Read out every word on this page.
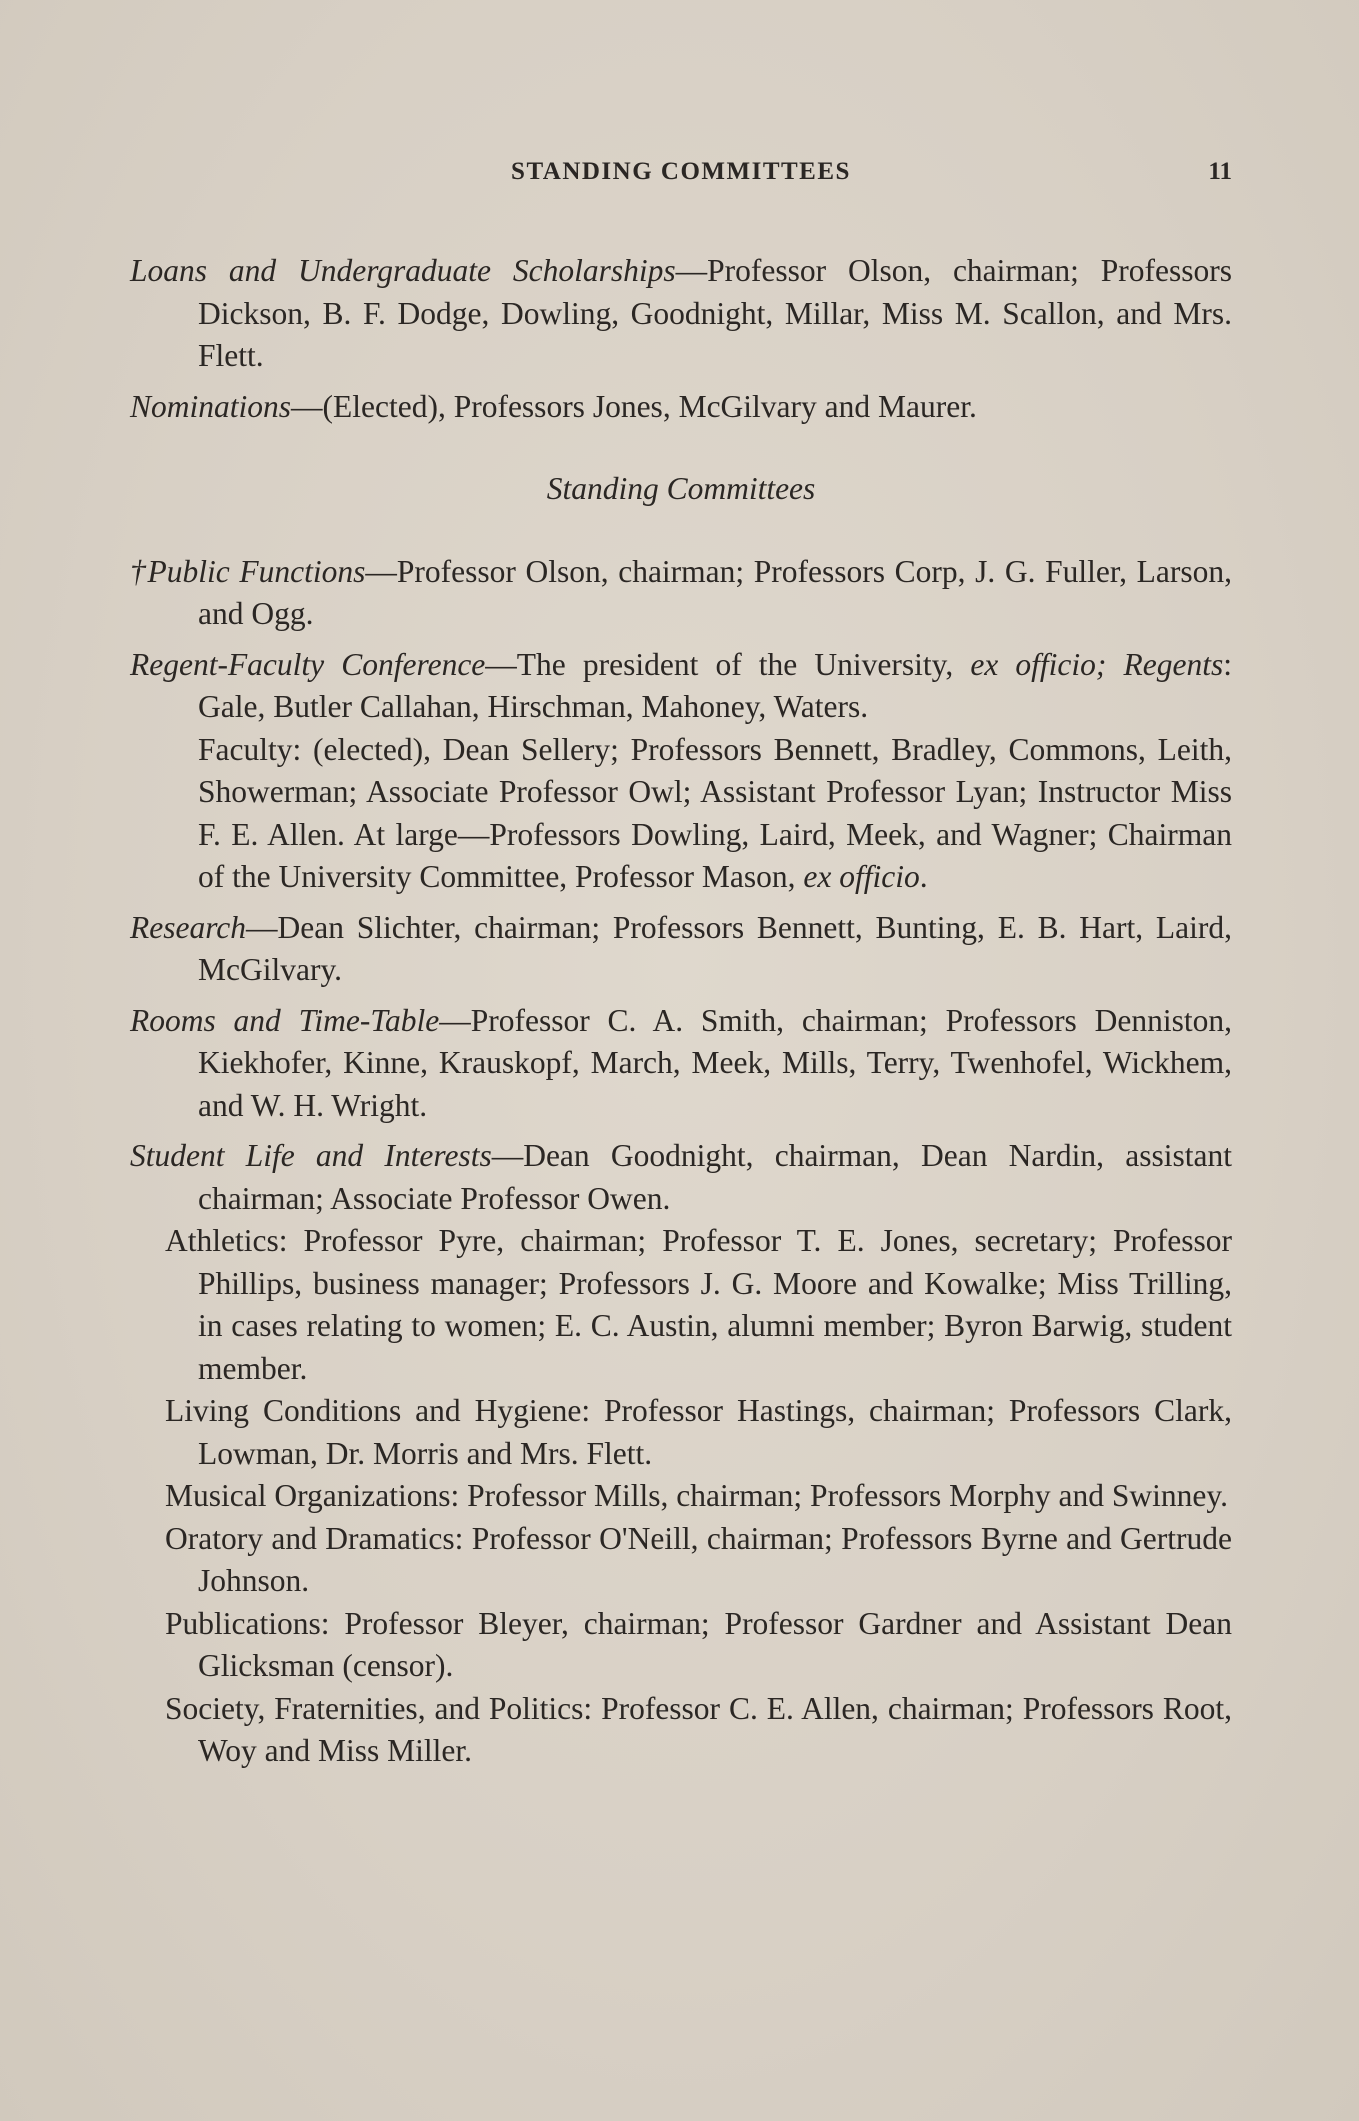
STANDING COMMITTEES	11

Loans and Undergraduate Scholarships—Professor Olson, chairman; Professors Dickson, B. F. Dodge, Dowling, Goodnight, Millar, Miss M. Scallon, and Mrs. Flett.

Nominations—(Elected), Professors Jones, McGilvary and Maurer.

Standing Committees

†Public Functions—Professor Olson, chairman; Professors Corp, J. G. Fuller, Larson, and Ogg.

Regent-Faculty Conference—The president of the University, ex officio; Regents: Gale, Butler Callahan, Hirschman, Mahoney, Waters.

Faculty: (elected), Dean Sellery; Professors Bennett, Bradley, Commons, Leith, Showerman; Associate Professor Owl; Assistant Professor Lyan; Instructor Miss F. E. Allen. At large—Professors Dowling, Laird, Meek, and Wagner; Chairman of the University Committee, Professor Mason, ex officio.

Research—Dean Slichter, chairman; Professors Bennett, Bunting, E. B. Hart, Laird, McGilvary.

Rooms and Time-Table—Professor C. A. Smith, chairman; Professors Denniston, Kiekhofer, Kinne, Krauskopf, March, Meek, Mills, Terry, Twenhofel, Wickhem, and W. H. Wright.

Student Life and Interests—Dean Goodnight, chairman, Dean Nardin, assistant chairman; Associate Professor Owen.

Athletics: Professor Pyre, chairman; Professor T. E. Jones, secretary; Professor Phillips, business manager; Professors J. G. Moore and Kowalke; Miss Trilling, in cases relating to women; E. C. Austin, alumni member; Byron Barwig, student member.

Living Conditions and Hygiene: Professor Hastings, chairman; Professors Clark, Lowman, Dr. Morris and Mrs. Flett.

Musical Organizations: Professor Mills, chairman; Professors Morphy and Swinney.

Oratory and Dramatics: Professor O'Neill, chairman; Professors Byrne and Gertrude Johnson.

Publications: Professor Bleyer, chairman; Professor Gardner and Assistant Dean Glicksman (censor).

Society, Fraternities, and Politics: Professor C. E. Allen, chairman; Professors Root, Woy and Miss Miller.
